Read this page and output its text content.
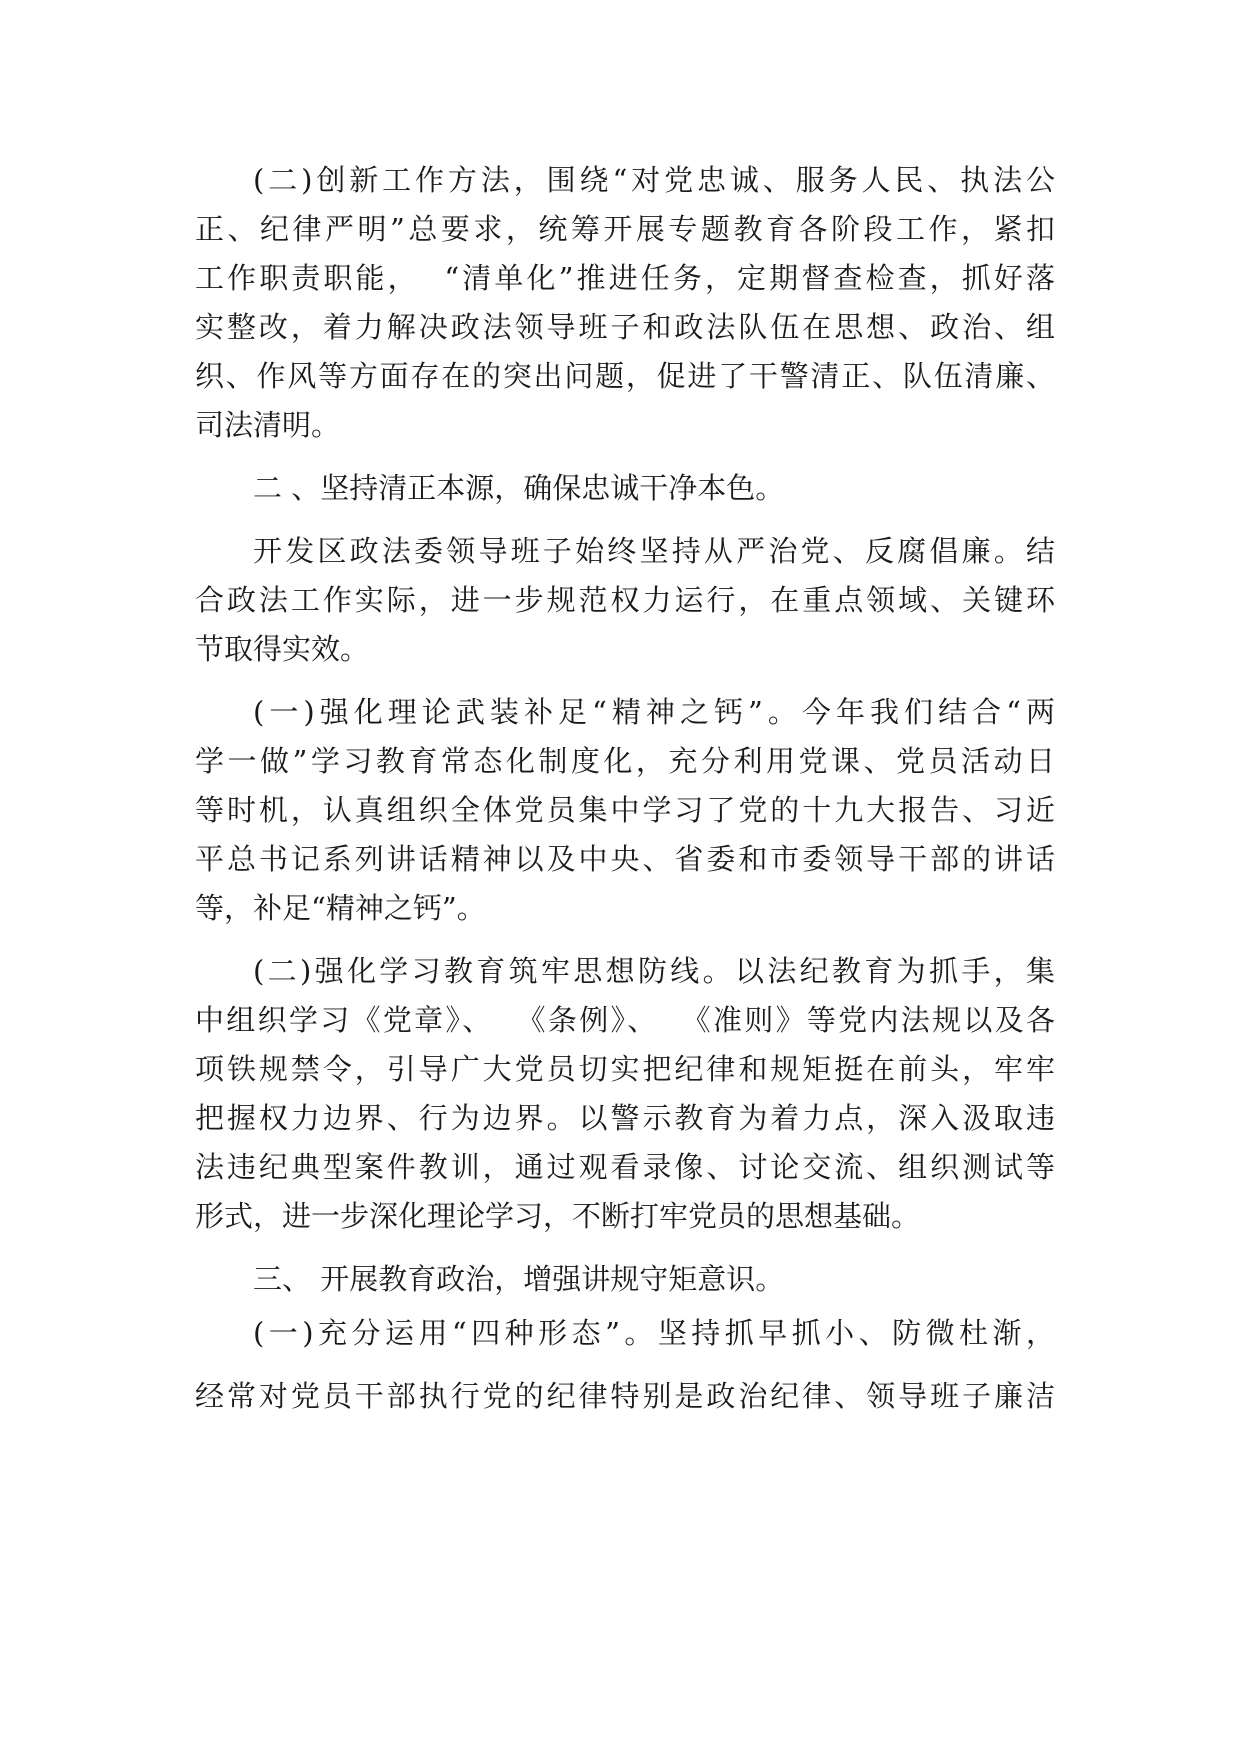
(二)创新工作方法，围绕“对党忠诚、服务人民、执法公
正、纪律严明”总要求，统筹开展专题教育各阶段工作，紧扣
工作职责职能，  “清单化”推进任务，定期督查检查，抓好落
实整改，着力解决政法领导班子和政法队伍在思想、政治、组
织、作风等方面存在的突出问题，促进了干警清正、队伍清廉、
司法清明。
二 、坚持清正本源，确保忠诚干净本色。
开发区政法委领导班子始终坚持从严治党、反腐倡廉。结
合政法工作实际，进一步规范权力运行，在重点领域、关键环
节取得实效。
(一)强化理论武装补足“精神之钙”。今年我们结合“两
学一做”学习教育常态化制度化，充分利用党课、党员活动日
等时机，认真组织全体党员集中学习了党的十九大报告、习近
平总书记系列讲话精神以及中央、省委和市委领导干部的讲话
等，补足“精神之钙”。
(二)强化学习教育筑牢思想防线。以法纪教育为抓手，集
中组织学习《党章》、  《条例》、  《准则》等党内法规以及各
项铁规禁令，引导广大党员切实把纪律和规矩挺在前头，牢牢
把握权力边界、行为边界。以警示教育为着力点，深入汲取违
法违纪典型案件教训，通过观看录像、讨论交流、组织测试等
形式，进一步深化理论学习，不断打牢党员的思想基础。
三、 开展教育政治，增强讲规守矩意识。
(一)充分运用“四种形态”。坚持抓早抓小、防微杜渐，
经常对党员干部执行党的纪律特别是政治纪律、领导班子廉洁
